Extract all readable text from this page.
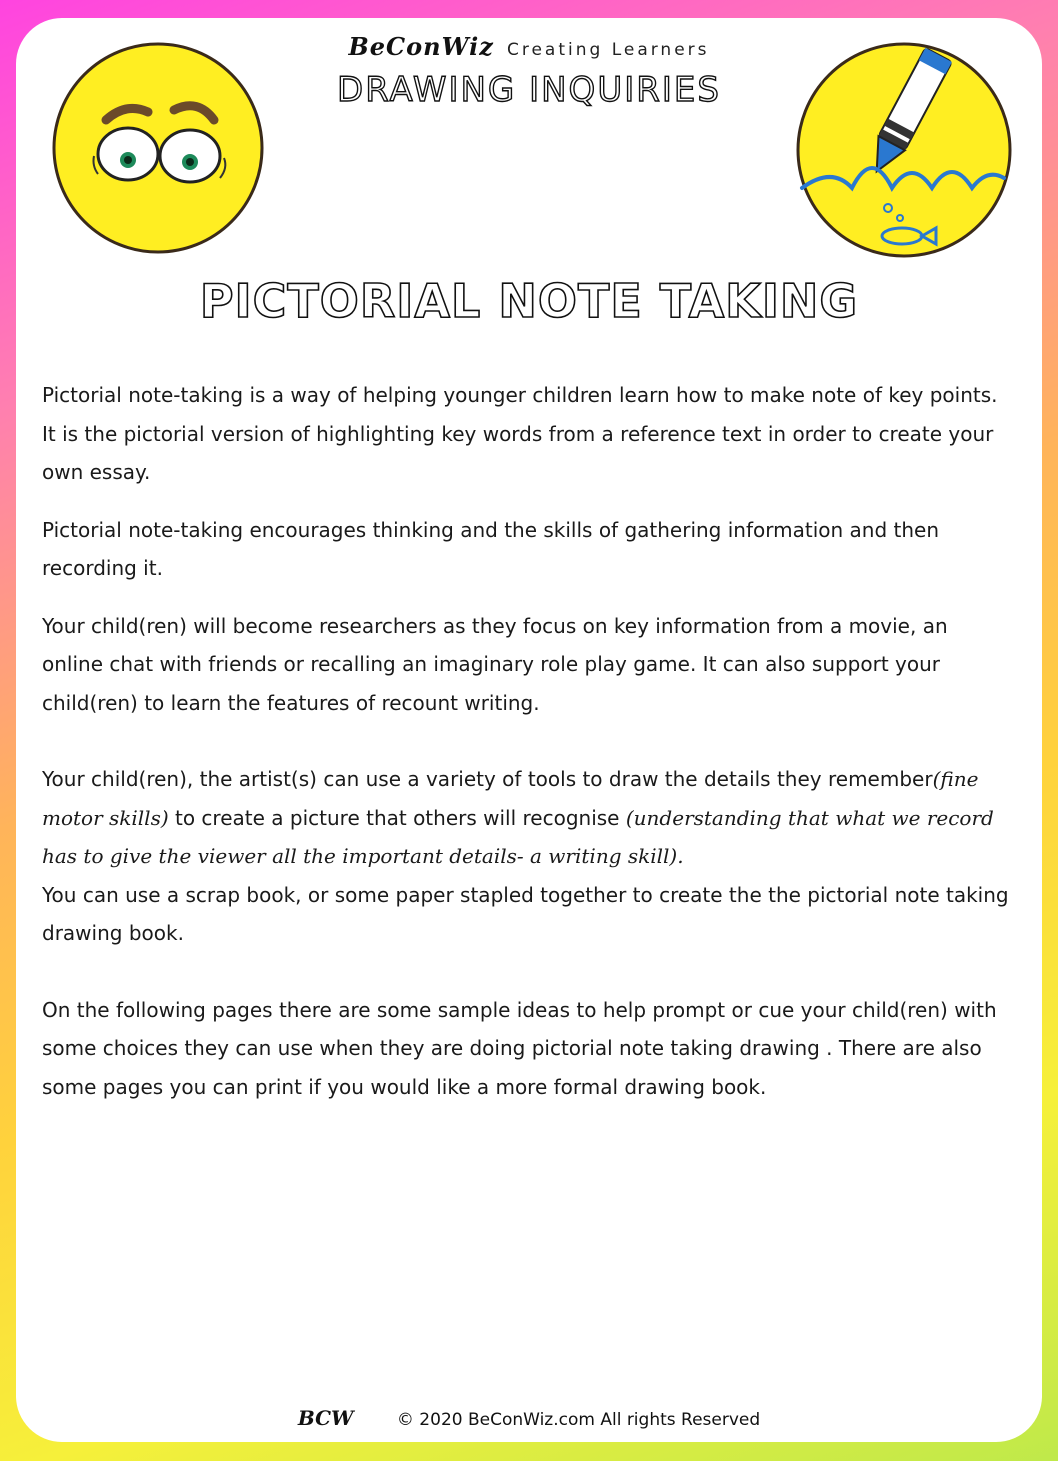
BeConWiz Creating Learners
DRAWING INQUIRIES
PICTORIAL NOTE TAKING

Pictorial note-taking is a way of helping younger children learn how to make note of key points. It is the pictorial version of highlighting key words from a reference text in order to create your own essay.

Pictorial note-taking encourages thinking and the skills of gathering information and then recording it.

Your child(ren) will become researchers as they focus on key information from a movie, an online chat with friends or recalling an imaginary role play game. It can also support your child(ren) to learn the features of recount writing.

Your child(ren), the artist(s) can use a variety of tools to draw the details they remember(fine motor skills) to create a picture that others will recognise (understanding that what we record has to give the viewer all the important details- a writing skill).
You can use a scrap book, or some paper stapled together to create the the pictorial note taking drawing book.

On the following pages there are some sample ideas to help prompt or cue your child(ren) with some choices they can use when they are doing pictorial note taking drawing . There are also some pages you can print if you would like a more formal drawing book.

BCW	© 2020 BeConWiz.com All rights Reserved
